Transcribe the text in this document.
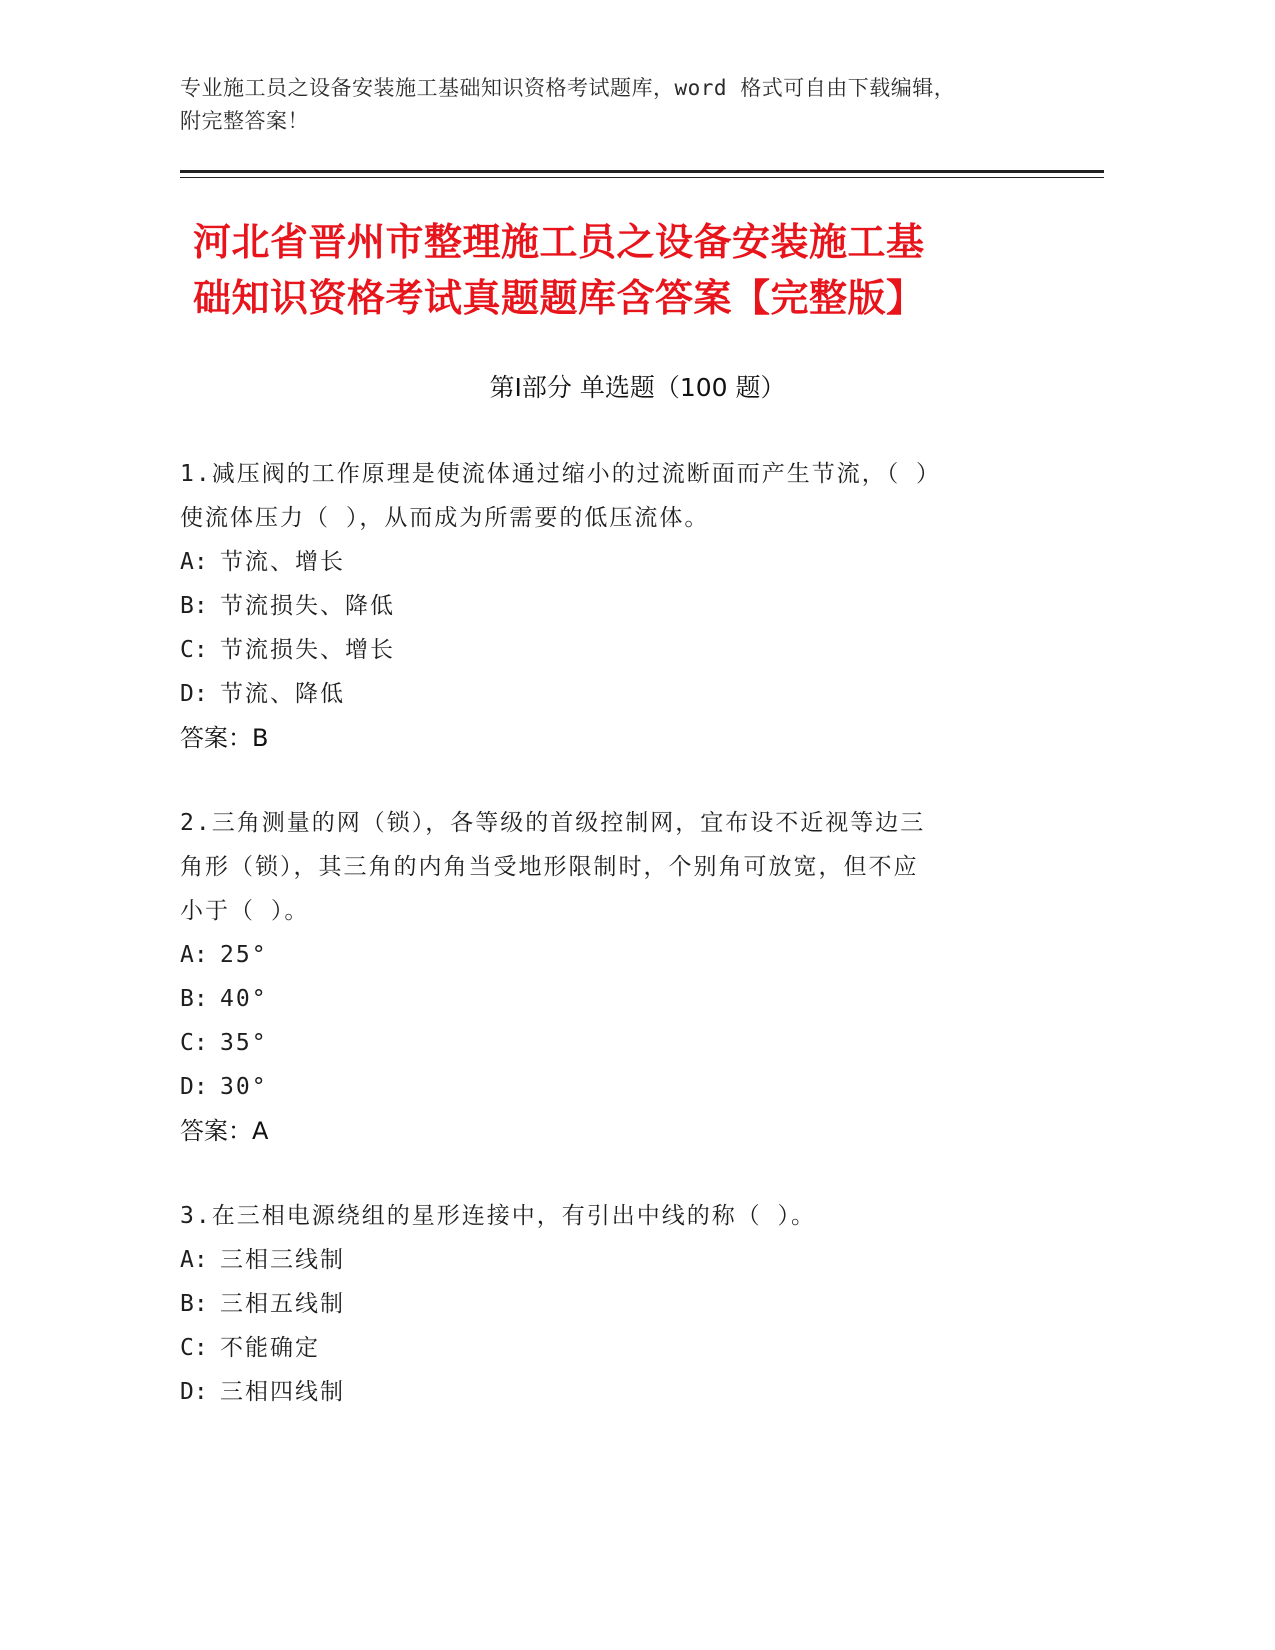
专业施工员之设备安装施工基础知识资格考试题库，word 格式可自由下载编辑，
附完整答案！
河北省晋州市整理施工员之设备安装施工基
础知识资格考试真题题库含答案【完整版】
第Ⅰ部分 单选题（100 题）
1.减压阀的工作原理是使流体通过缩小的过流断面而产生节流，（ ）
使流体压力（ ），从而成为所需要的低压流体。
A: 节流、增长
B: 节流损失、降低
C: 节流损失、增长
D: 节流、降低
答案：B
2.三角测量的网（锁），各等级的首级控制网，宜布设不近视等边三
角形（锁），其三角的内角当受地形限制时，个别角可放宽，但不应
小于（ ）。
A: 25°
B: 40°
C: 35°
D: 30°
答案：A
3.在三相电源绕组的星形连接中，有引出中线的称（ ）。
A: 三相三线制
B: 三相五线制
C: 不能确定
D: 三相四线制
